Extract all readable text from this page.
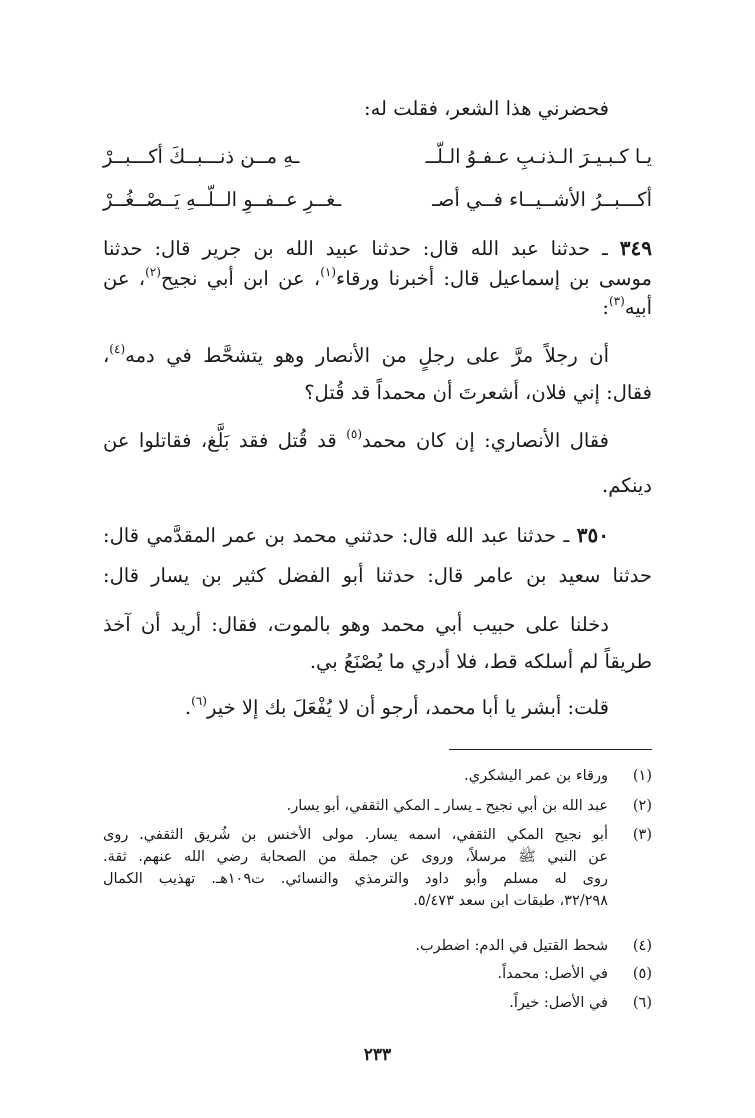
فحضرني هذا الشعر، فقلت له:
يـا كـبـيـرَ الـذنـبِ عـفـوُ الـلّــ
ـهِ مــن ذنـــبــكَ أكـــبــرْ
أكـــبــرُ الأشــيــاء فــي أصـ
ـغــرِ عــفــوِ الــلّــهِ يَــصْــغُــرْ
٣٤٩ ـ حدثنا عبد الله قال: حدثنا عبيد الله بن جرير قال: حدثنا
موسى بن إسماعيل قال: أخبرنا ورقاء$^{(١)}$، عن ابن أبي نجيح$^{(٢)}$، عن
أبيه$^{(٣)}$:
أن رجلاً مرَّ على رجلٍ من الأنصار وهو يتشحَّط في دمه$^{(٤)}$،
فقال: إني فلان، أشعرتَ أن محمداً قد قُتل؟
فقال الأنصاري: إن كان محمد$^{(٥)}$ قد قُتل فقد بَلَّغ، فقاتلوا عن
دينكم.
٣٥٠ ـ حدثنا عبد الله قال: حدثني محمد بن عمر المقدَّمي قال:
حدثنا سعيد بن عامر قال: حدثنا أبو الفضل كثير بن يسار قال:
دخلنا على حبيب أبي محمد وهو بالموت، فقال: أريد أن آخذ
طريقاً لم أسلكه قط، فلا أدري ما يُصْنَعُ بي.
قلت: أبشر يا أبا محمد، أرجو أن لا يُفْعَلَ بك إلا خير$^{(٦)}$.
(١)
ورقاء بن عمر اليشكري.
(٢)
عبد الله بن أبي نجيح ـ يسار ـ المكي الثقفي، أبو يسار.
(٣)
أبو نجيح المكي الثقفي، اسمه يسار. مولى الأخنس بن شُريق الثقفي. روى
عن النبي ﷺ مرسلاً، وروى عن جملة من الصحابة رضي الله عنهم. ثقة.
روى له مسلم وأبو داود والترمذي والنسائي. ت١٠٩هـ. تهذيب الكمال
٣٢/٢٩٨، طبقات ابن سعد ٥/٤٧٣.
(٤)
شحط القتيل في الدم: اضطرب.
(٥)
في الأصل: محمداً.
(٦)
في الأصل: خيراً.
٢٣٣
